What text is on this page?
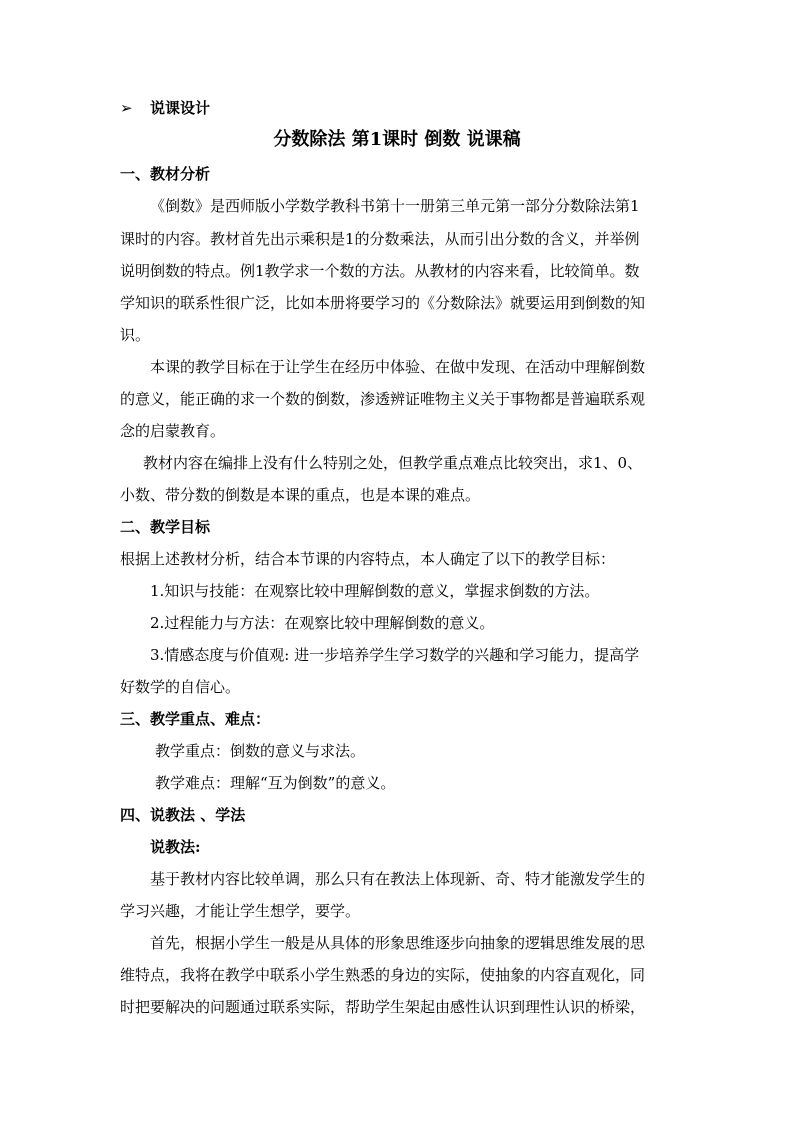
➢ 说课设计
分数除法 第1课时 倒数 说课稿
一、教材分析
《倒数》是西师版小学数学教科书第十一册第三单元第一部分分数除法第1
课时的内容。教材首先出示乘积是1的分数乘法，从而引出分数的含义，并举例
说明倒数的特点。例1教学求一个数的方法。从教材的内容来看，比较简单。数
学知识的联系性很广泛，比如本册将要学习的《分数除法》就要运用到倒数的知
识。
本课的教学目标在于让学生在经历中体验、在做中发现、在活动中理解倒数
的意义，能正确的求一个数的倒数，渗透辨证唯物主义关于事物都是普遍联系观
念的启蒙教育。
教材内容在编排上没有什么特别之处，但教学重点难点比较突出，求1、0、
小数、带分数的倒数是本课的重点，也是本课的难点。
二、教学目标
根据上述教材分析，结合本节课的内容特点，本人确定了以下的教学目标：
1.知识与技能：在观察比较中理解倒数的意义，掌握求倒数的方法。
2.过程能力与方法：在观察比较中理解倒数的意义。
3.情感态度与价值观: 进一步培养学生学习数学的兴趣和学习能力，提高学
好数学的自信心。
三、教学重点、难点：
教学重点：倒数的意义与求法。
教学难点：理解“互为倒数”的意义。
四、说教法 、学法
说教法:
基于教材内容比较单调，那么只有在教法上体现新、奇、特才能激发学生的
学习兴趣，才能让学生想学，要学。
首先，根据小学生一般是从具体的形象思维逐步向抽象的逻辑思维发展的思
维特点，我将在教学中联系小学生熟悉的身边的实际，使抽象的内容直观化，同
时把要解决的问题通过联系实际，帮助学生架起由感性认识到理性认识的桥梁，
